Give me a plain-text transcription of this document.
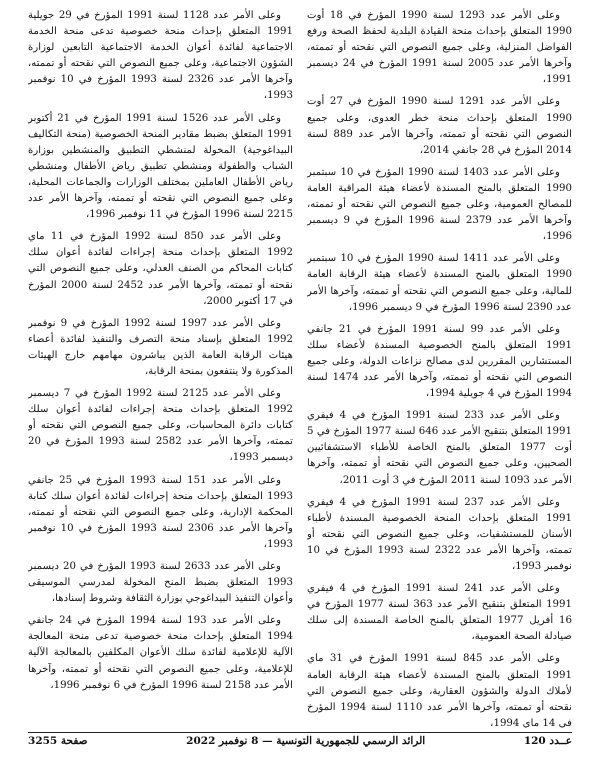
وعلى الأمر عدد 1293 لسنة 1990 المؤرخ في 18 أوت 1990 المتعلق بإحداث منحة القيادة البلدية لحفظ الصحة ورفع الفواضل المنزلية، وعلى جميع النصوص التي نقحته أو تممته، وآخرها الأمر عدد 2005 لسنة 1991 المؤرخ في 24 ديسمبر 1991،

وعلى الأمر عدد 1291 لسنة 1990 المؤرخ في 27 أوت 1990 المتعلق بإحداث منحة خطر العدوى، وعلى جميع النصوص التي نقحته أو تممته، وآخرها الأمر عدد 889 لسنة 2014 المؤرخ في 28 جانفي 2014،

وعلى الأمر عدد 1403 لسنة 1990 المؤرخ في 10 سبتمبر 1990 المتعلق بالمنح المسندة لأعضاء هيئة المراقبة العامة للمصالح العمومية، وعلى جميع النصوص التي نقحته أو تممته، وآخرها الأمر عدد 2379 لسنة 1996 المؤرخ في 9 ديسمبر 1996،

وعلى الأمر عدد 1411 لسنة 1990 المؤرخ في 10 سبتمبر 1990 المتعلق بالمنح المسندة لأعضاء هيئة الرقابة العامة للمالية، وعلى جميع النصوص التي نقحته أو تممته، وآخرها الأمر عدد 2390 لسنة 1996 المؤرخ في 9 ديسمبر 1996،

وعلى الأمر عدد 99 لسنة 1991 المؤرخ في 21 جانفي 1991 المتعلق بالمنح الخصوصية المسندة لأعضاء سلك المستشارين المقررين لدى مصالح نزاعات الدولة، وعلى جميع النصوص التي نقحته أو تممته، وآخرها الأمر عدد 1474 لسنة 1994 المؤرخ في 4 جويلية 1994،

وعلى الأمر عدد 233 لسنة 1991 المؤرخ في 4 فيفري 1991 المتعلق بتنقيح الأمر عدد 646 لسنة 1977 المؤرخ في 5 أوت 1977 المتعلق بالمنح الخاصة للأطباء الاستشفائيين الصحيين، وعلى جميع النصوص التي نقحته أو تممته، وآخرها الأمر عدد 1093 لسنة 2011 المؤرخ في 3 أوت 2011،

وعلى الأمر عدد 237 لسنة 1991 المؤرخ في 4 فيفري 1991 المتعلق بإحداث المنحة الخصوصية المسندة لأطباء الأسنان للمستشفيات، وعلى جميع النصوص التي نقحته أو تممته، وآخرها الأمر عدد 2322 لسنة 1993 المؤرخ في 10 نوفمبر 1993،

وعلى الأمر عدد 241 لسنة 1991 المؤرخ في 4 فيفري 1991 المتعلق بتنقيح الأمر عدد 363 لسنة 1977 المؤرخ في 16 أفريل 1977 المتعلق بالمنح الخاصة المسندة إلى سلك صيادلة الصحة العمومية،

وعلى الأمر عدد 845 لسنة 1991 المؤرخ في 31 ماي 1991 المتعلق بالمنح المسندة لأعضاء هيئة الرقابة العامة لأملاك الدولة والشؤون العقارية، وعلى جميع النصوص التي نقحته أو تممته، وآخرها الأمر عدد 1110 لسنة 1994 المؤرخ في 14 ماي 1994،

وعلى الأمر عدد 1128 لسنة 1991 المؤرخ في 29 جويلية 1991 المتعلق بإحداث منحة خصوصية تدعى منحة الخدمة الاجتماعية لفائدة أعوان الخدمة الاجتماعية التابعين لوزارة الشؤون الاجتماعية، وعلى جميع النصوص التي نقحته أو تممته، وآخرها الأمر عدد 2326 لسنة 1993 المؤرخ في 10 نوفمبر 1993،

وعلى الأمر عدد 1526 لسنة 1991 المؤرخ في 21 أكتوبر 1991 المتعلق بضبط مقادير المنحة الخصوصية (منحة التكاليف البيداغوجية) المخولة لمنشطي التطبيق والمنشطين بوزارة الشباب والطفولة ومنشطي تطبيق رياض الأطفال ومنشطي رياض الأطفال العاملين بمختلف الوزارات والجماعات المحلية، وعلى جميع النصوص التي نقحته أو تممته، وآخرها الأمر عدد 2215 لسنة 1996 المؤرخ في 11 نوفمبر 1996،

وعلى الأمر عدد 850 لسنة 1992 المؤرخ في 11 ماي 1992 المتعلق بإحداث منحة إجراءات لفائدة أعوان سلك كتابات المحاكم من الصنف العدلي، وعلى جميع النصوص التي نقحته أو تممته، وآخرها الأمر عدد 2452 لسنة 2000 المؤرخ في 17 أكتوبر 2000،

وعلى الأمر عدد 1997 لسنة 1992 المؤرخ في 9 نوفمبر 1992 المتعلق بإسناد منحة التصرف والتنفيذ لفائدة أعضاء هيئات الرقابة العامة الذين يباشرون مهامهم خارج الهيئات المذكورة ولا ينتفعون بمنحة الرقابة،

وعلى الأمر عدد 2125 لسنة 1992 المؤرخ في 7 ديسمبر 1992 المتعلق بإحداث منحة إجراءات لفائدة أعوان سلك كتابات دائرة المحاسبات، وعلى جميع النصوص التي نقحته أو تممته، وآخرها الأمر عدد 2582 لسنة 1993 المؤرخ في 20 ديسمبر 1993،

وعلى الأمر عدد 151 لسنة 1993 المؤرخ في 25 جانفي 1993 المتعلق بإحداث منحة إجراءات لفائدة أعوان سلك كتابة المحكمة الإدارية، وعلى جميع النصوص التي نقحته أو تممته، وآخرها الأمر عدد 2306 لسنة 1993 المؤرخ في 10 نوفمبر 1993،

وعلى الأمر عدد 2633 لسنة 1993 المؤرخ في 20 ديسمبر 1993 المتعلق بضبط المنح المخولة لمدرسي الموسيقى وأعوان التنفيذ البيداغوجي بوزارة الثقافة وشروط إسنادها،

وعلى الأمر عدد 193 لسنة 1994 المؤرخ في 24 جانفي 1994 المتعلق بإحداث منحة خصوصية تدعى منحة المعالجة الآلية للإعلامية لفائدة سلك الأعوان المكلفين بالمعالجة الآلية للإعلامية، وعلى جميع النصوص التي نقحته أو تممته، وآخرها الأمر عدد 2158 لسنة 1996 المؤرخ في 6 نوفمبر 1996،

عــدد 120
الرائد الرسمي للجمهورية التونسية — 8 نوفمبر 2022
صفحة 3255
